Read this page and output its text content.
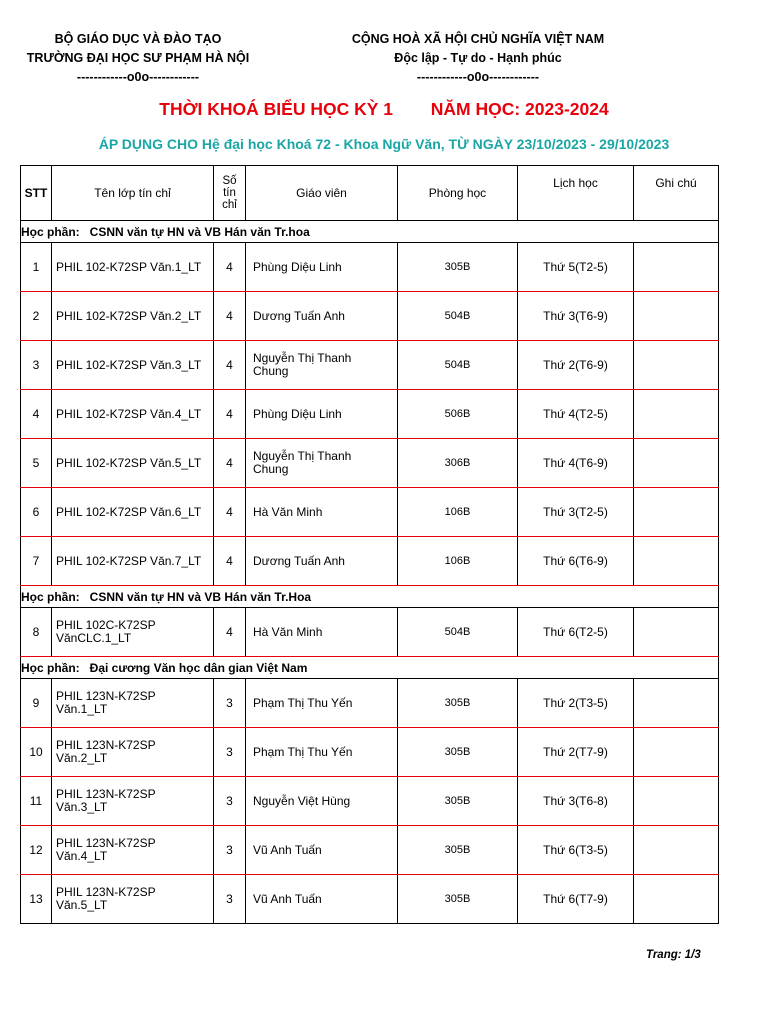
BỘ GIÁO DỤC VÀ ĐÀO TẠO
TRƯỜNG ĐẠI HỌC SƯ PHẠM HÀ NỘI
------------o0o------------
CỘNG HOÀ XÃ HỘI CHỦ NGHĨA VIỆT NAM
Độc lập - Tự do - Hạnh phúc
------------o0o------------
THỜI KHOÁ BIỂU HỌC KỲ 1 NĂM HỌC: 2023-2024
ÁP DỤNG CHO Hệ đại học Khoá 72 - Khoa Ngữ Văn, TỪ NGÀY 23/10/2023 - 29/10/2023
STT	Tên lớp tín chỉ	Số
tín
chỉ	Giáo viên	Phòng học	Lịch học	Ghi chú
Học phần: CSNN văn tự HN và VB Hán văn Tr.hoa						
1	PHIL 102-K72SP Văn.1_LT	4	Phùng Diệu Linh	305B	Thứ 5(T2-5)	
2	PHIL 102-K72SP Văn.2_LT	4	Dương Tuấn Anh	504B	Thứ 3(T6-9)	
3	PHIL 102-K72SP Văn.3_LT	4	Nguyễn Thị Thanh
Chung	504B	Thứ 2(T6-9)	
4	PHIL 102-K72SP Văn.4_LT	4	Phùng Diệu Linh	506B	Thứ 4(T2-5)	
5	PHIL 102-K72SP Văn.5_LT	4	Nguyễn Thị Thanh
Chung	306B	Thứ 4(T6-9)	
6	PHIL 102-K72SP Văn.6_LT	4	Hà Văn Minh	106B	Thứ 3(T2-5)	
7	PHIL 102-K72SP Văn.7_LT	4	Dương Tuấn Anh	106B	Thứ 6(T6-9)	
Học phần: CSNN văn tự HN và VB Hán văn Tr.Hoa						
8	PHIL 102C-K72SP
VănCLC.1_LT	4	Hà Văn Minh	504B	Thứ 6(T2-5)	
Học phần: Đại cương Văn học dân gian Việt Nam						
9	PHIL 123N-K72SP
Văn.1_LT	3	Phạm Thị Thu Yến	305B	Thứ 2(T3-5)	
10	PHIL 123N-K72SP
Văn.2_LT	3	Phạm Thị Thu Yến	305B	Thứ 2(T7-9)	
11	PHIL 123N-K72SP
Văn.3_LT	3	Nguyễn Việt Hùng	305B	Thứ 3(T6-8)	
12	PHIL 123N-K72SP
Văn.4_LT	3	Vũ Anh Tuấn	305B	Thứ 6(T3-5)	
13	PHIL 123N-K72SP
Văn.5_LT	3	Vũ Anh Tuấn	305B	Thứ 6(T7-9)	
Trang: 1/3
